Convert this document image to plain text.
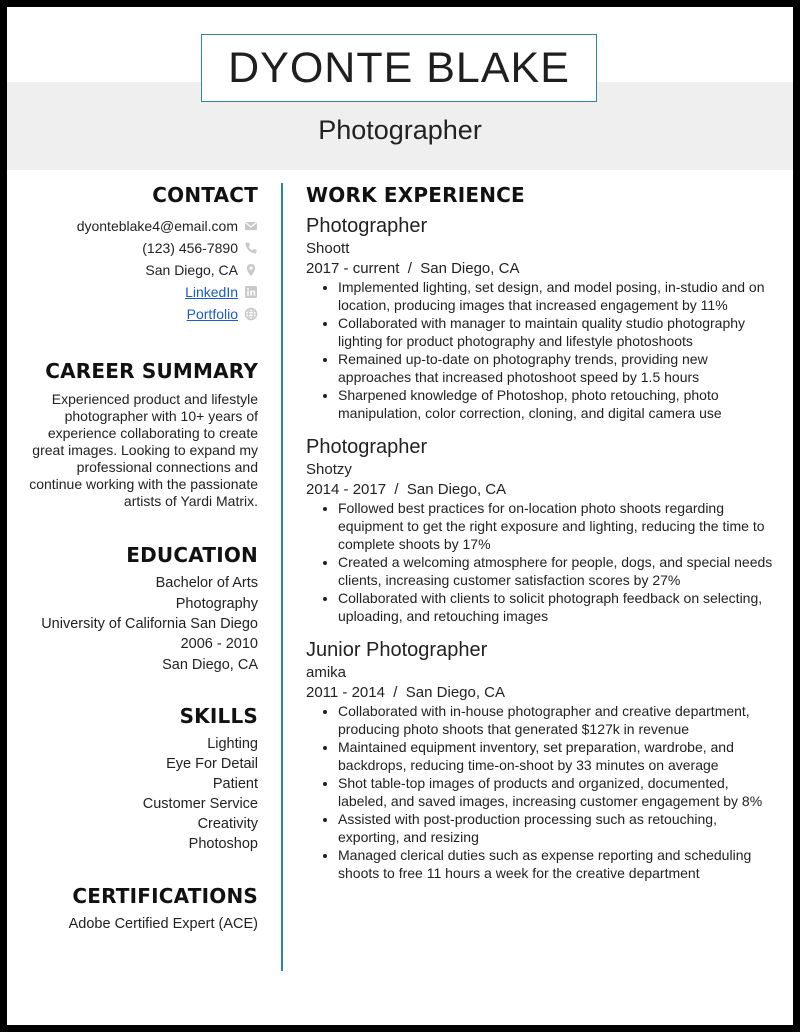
DYONTE BLAKE
Photographer
CONTACT
dyonteblake4@email.com
(123) 456-7890
San Diego, CA
LinkedIn
Portfolio
CAREER SUMMARY
Experienced product and lifestyle photographer with 10+ years of experience collaborating to create great images. Looking to expand my professional connections and continue working with the passionate artists of Yardi Matrix.
EDUCATION
Bachelor of Arts
Photography
University of California San Diego
2006 - 2010
San Diego, CA
SKILLS
Lighting
Eye For Detail
Patient
Customer Service
Creativity
Photoshop
CERTIFICATIONS
Adobe Certified Expert (ACE)
WORK EXPERIENCE
Photographer
Shoott
2017 - current  /  San Diego, CA
• Implemented lighting, set design, and model posing, in-studio and on location, producing images that increased engagement by 11%
• Collaborated with manager to maintain quality studio photography lighting for product photography and lifestyle photoshoots
• Remained up-to-date on photography trends, providing new approaches that increased photoshoot speed by 1.5 hours
• Sharpened knowledge of Photoshop, photo retouching, photo manipulation, color correction, cloning, and digital camera use
Photographer
Shotzy
2014 - 2017  /  San Diego, CA
• Followed best practices for on-location photo shoots regarding equipment to get the right exposure and lighting, reducing the time to complete shoots by 17%
• Created a welcoming atmosphere for people, dogs, and special needs clients, increasing customer satisfaction scores by 27%
• Collaborated with clients to solicit photograph feedback on selecting, uploading, and retouching images
Junior Photographer
amika
2011 - 2014  /  San Diego, CA
• Collaborated with in-house photographer and creative department, producing photo shoots that generated $127k in revenue
• Maintained equipment inventory, set preparation, wardrobe, and backdrops, reducing time-on-shoot by 33 minutes on average
• Shot table-top images of products and organized, documented, labeled, and saved images, increasing customer engagement by 8%
• Assisted with post-production processing such as retouching, exporting, and resizing
• Managed clerical duties such as expense reporting and scheduling shoots to free 11 hours a week for the creative department
